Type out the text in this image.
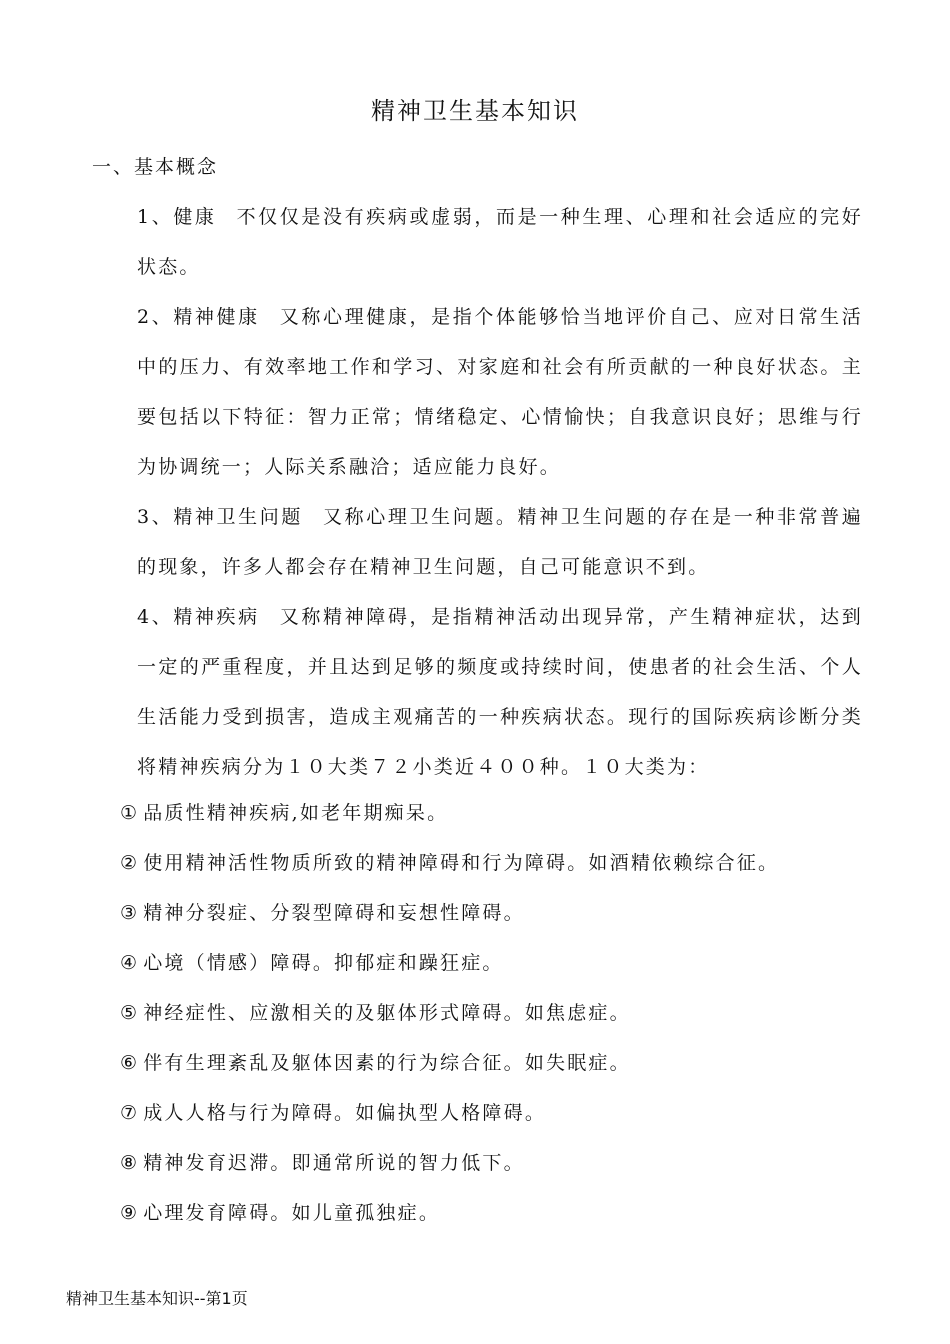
精神卫生基本知识
一、基本概念
1、健康 不仅仅是没有疾病或虚弱，而是一种生理、心理和社会适应的完好状态。
2、精神健康 又称心理健康，是指个体能够恰当地评价自己、应对日常生活中的压力、有效率地工作和学习、对家庭和社会有所贡献的一种良好状态。主要包括以下特征：智力正常；情绪稳定、心情愉快；自我意识良好；思维与行为协调统一；人际关系融洽；适应能力良好。
3、精神卫生问题 又称心理卫生问题。精神卫生问题的存在是一种非常普遍的现象，许多人都会存在精神卫生问题，自己可能意识不到。
4、精神疾病 又称精神障碍，是指精神活动出现异常，产生精神症状，达到一定的严重程度，并且达到足够的频度或持续时间，使患者的社会生活、个人生活能力受到损害，造成主观痛苦的一种疾病状态。现行的国际疾病诊断分类将精神疾病分为１０大类７２小类近４００种。１０大类为：
① 品质性精神疾病,如老年期痴呆。
② 使用精神活性物质所致的精神障碍和行为障碍。如酒精依赖综合征。
③ 精神分裂症、分裂型障碍和妄想性障碍。
④ 心境（情感）障碍。抑郁症和躁狂症。
⑤ 神经症性、应激相关的及躯体形式障碍。如焦虑症。
⑥ 伴有生理紊乱及躯体因素的行为综合征。如失眠症。
⑦ 成人人格与行为障碍。如偏执型人格障碍。
⑧ 精神发育迟滞。即通常所说的智力低下。
⑨ 心理发育障碍。如儿童孤独症。
精神卫生基本知识--第1页
